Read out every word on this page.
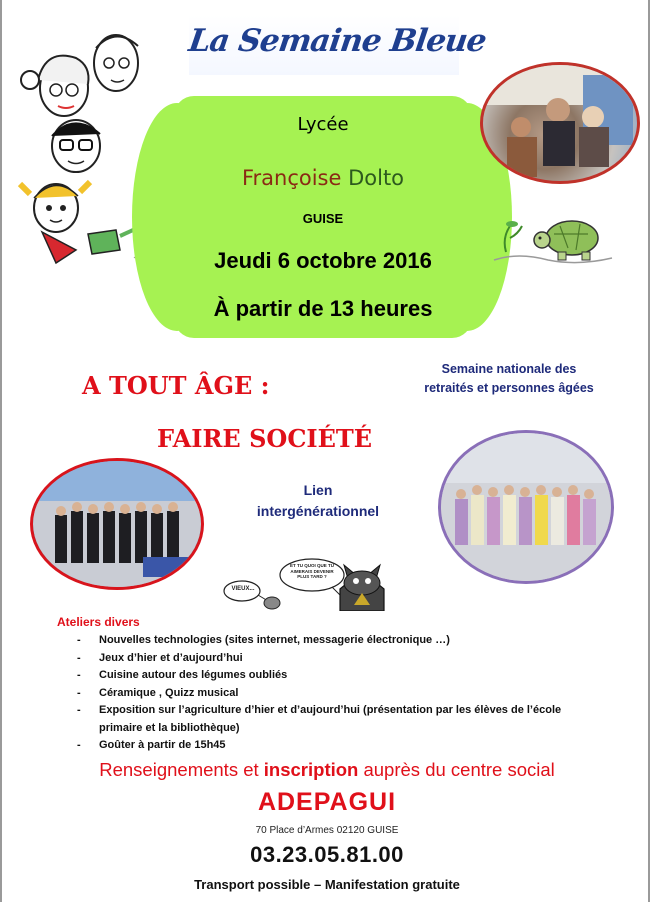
La Semaine Bleue
Lycée
Françoise Dolto
GUISE
Jeudi 6 octobre 2016
À partir de 13 heures
A TOUT ÂGE :
FAIRE SOCIÉTÉ
Semaine nationale des
retraités et personnes âgées
Lien
intergénérationnel
VIEUX...
ET TU QUOI QUE TU AIMERAIS DEVENIR PLUS TARD ?
Ateliers divers
- Nouvelles technologies (sites internet, messagerie électronique …)
- Jeux d’hier et d’aujourd’hui
- Cuisine autour des légumes oubliés
- Céramique , Quizz musical
- Exposition sur l’agriculture d’hier et d’aujourd’hui (présentation par les élèves de l’école primaire et la bibliothèque)
- Goûter à partir de 15h45
Renseignements et inscription auprès du centre social
ADEPAGUI
70 Place d’Armes 02120 GUISE
03.23.05.81.00
Transport possible – Manifestation gratuite
